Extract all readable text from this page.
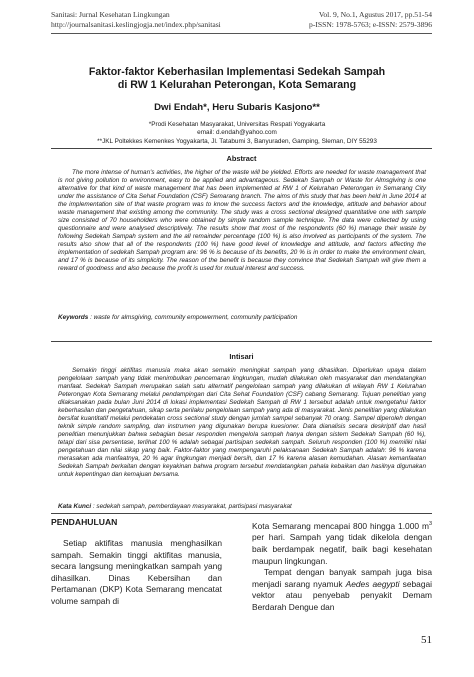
Sanitasi: Jurnal Kesehatan Lingkungan
http://journalsanitasi.keslingjogja.net/index.php/sanitasi
Vol. 9, No.1, Agustus 2017, pp.51-54
p-ISSN: 1978-5763; e-ISSN: 2579-3896
Faktor-faktor Keberhasilan Implementasi Sedekah Sampah
di RW 1 Kelurahan Peterongan, Kota Semarang
Dwi Endah*, Heru Subaris Kasjono**
*Prodi Kesehatan Masyarakat, Universitas Respati Yogyakarta
email: d.endah@yahoo.com
**JKL Poltekkes Kemenkes Yogyakarta, Jl. Tatabumi 3, Banyuraden, Gamping, Sleman, DIY 55293
Abstract
The more intense of human's activities, the higher of the waste will be yielded. Efforts are needed for waste management that is not giving pollution to environment, easy to be applied and advantageous. Sedekah Sampah or Waste for Almsgiving is one alternative for that kind of waste management that has been implemented at RW 1 of Kelurahan Peterongan in Semarang City under the assistance of Cita Sehat Foundation (CSF) Semarang branch. The aims of this study that has been held in June 2014 at the implementation site of that waste program was to know the success factors and the knowledge, attitude and behavior about waste management that existing among the community. The study was a cross sectional designed quantitative one with sample size consisted of 70 householders who were obtained by simple random sample technique. The data were collected by using questionnaire and were analysed descriptively. The results show that most of the respondents (60 %) manage their waste by following Sedekah Sampah system and the all remainder percentage (100 %) is also involved as participants of the system. The results also show that all of the respondents (100 %) have good level of knowledge and attitude, and factors affecting the implementation of sedekah Sampah program are: 96 % is because of its benefits, 20 % is in order to make the environment clean, and 17 % is because of its simplicity. The reason of the benefit is because they convince that Sedekah Sampah will give them a reward of goodness and also because the profit is used for mutual interest and success.
Keywords : waste for almsgiving, community empowerment, community participation
Intisari
Semakin tinggi aktifitas manusia maka akan semakin meningkat sampah yang dihasilkan. Diperlukan upaya dalam pengelolaan sampah yang tidak menimbulkan pencemaran lingkungan, mudah dilakukan oleh masyarakat dan mendatangkan manfaat. Sedekah Sampah merupakan salah satu alternatif pengelolaan sampah yang dilakukan di wilayah RW 1 Kelurahan Peterongan Kota Semarang melalui pendampingan dari Cita Sehat Foundation (CSF) cabang Semarang. Tujuan penelitian yang dilaksanakan pada bulan Juni 2014 di lokasi implementasi Sedekah Sampah di RW 1 tersebut adalah untuk mengetahui faktor keberhasilan dan pengetahuan, sikap serta perilaku pengelolaan sampah yang ada di masyarakat. Jenis penelitian yang dilakukan bersifat kuantitatif melalui pendekatan cross sectional study dengan jumlah sampel sebanyak 70 orang. Sampel diperoleh dengan teknik simple random sampling, dan instrumen yang digunakan berupa kuesioner. Data dianalisis secara deskriptif dan hasil penelitian menunjukkan bahwa sebagian besar responden mengelola sampah hanya dengan sistem Sedekah Sampah (60 %), tetapi dari sisa persentase, terlihat 100 % adalah sebagai partisipan sedekah sampah. Seluruh responden (100 %) memiliki nilai pengetahuan dan nilai sikap yang baik. Faktor-faktor yang mempengaruhi pelaksanaan Sedekah Sampah adalah: 96 % karena merasakan ada manfaatnya, 20 % agar lingkungan menjadi bersih, dan 17 % karena alasan kemudahan. Alasan kemanfaatan Sedekah Sampah berkaitan dengan keyakinan bahwa program tersebut mendatangkan pahala kebaikan dan hasilnya digunakan untuk kepentingan dan kemajuan bersama.
Kata Kunci : sedekah sampah, pemberdayaan masyarakat, partisipasi masyarakat
PENDAHULUAN

Setiap aktifitas manusia menghasilkan sampah. Semakin tinggi aktifitas manusia, secara langsung meningkatkan sampah yang dihasilkan. Dinas Kebersihan dan Pertamanan (DKP) Kota Semarang mencatat volume sampah di

Kota Semarang mencapai 800 hingga 1.000 $m^3$ per hari. Sampah yang tidak dikelola dengan baik berdampak negatif, baik bagi kesehatan maupun lingkungan.

Tempat dengan banyak sampah juga bisa menjadi sarang nyamuk Aedes aegypti sebagai vektor atau penyebab penyakit Demam Berdarah Dengue dan

51
